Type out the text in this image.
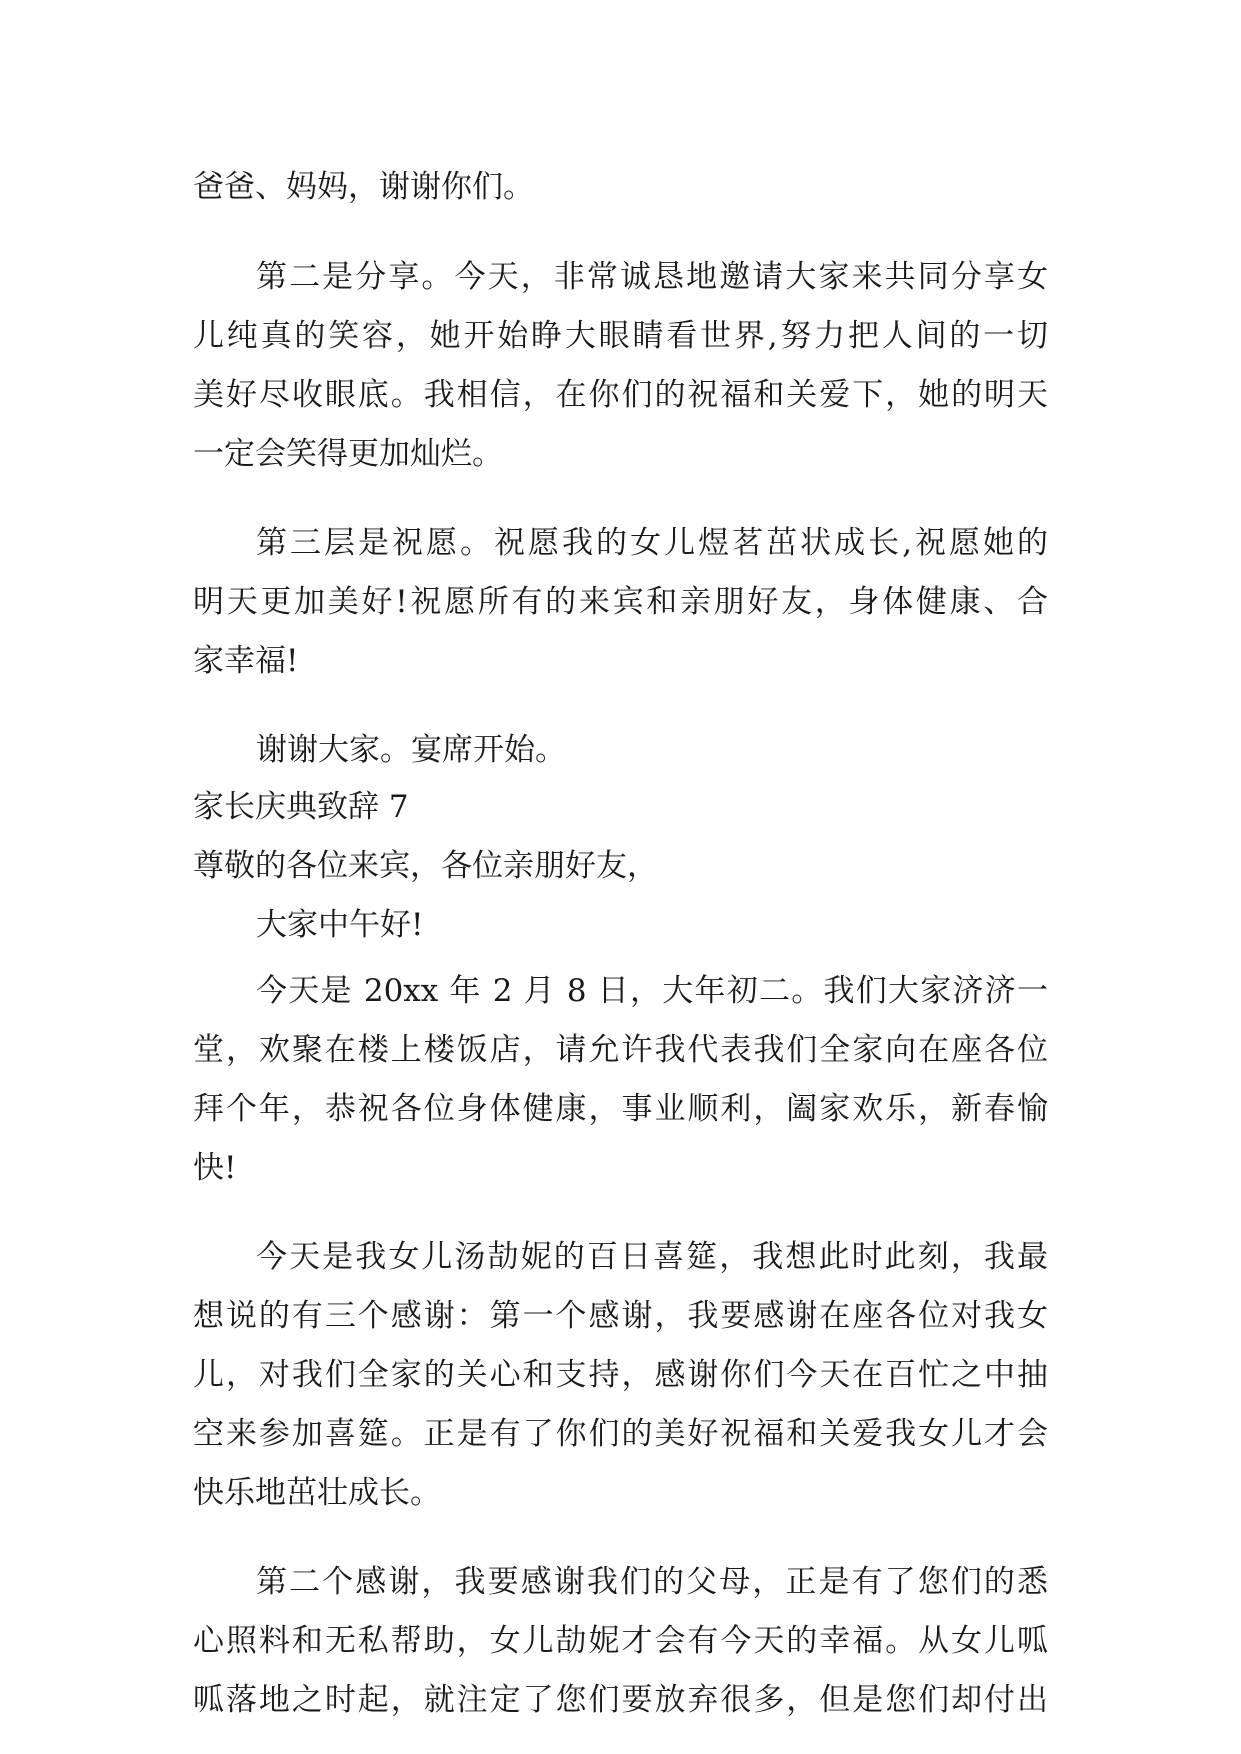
爸爸、妈妈，谢谢你们。

第二是分享。今天，非常诚恳地邀请大家来共同分享女

儿纯真的笑容，她开始睁大眼睛看世界,努力把人间的一切

美好尽收眼底。我相信，在你们的祝福和关爱下，她的明天

一定会笑得更加灿烂。

第三层是祝愿。祝愿我的女儿煜茗茁状成长,祝愿她的

明天更加美好!祝愿所有的来宾和亲朋好友，身体健康、合

家幸福!

谢谢大家。宴席开始。

家长庆典致辞 7

尊敬的各位来宾，各位亲朋好友，

大家中午好!

今天是 20xx 年 2 月 8 日，大年初二。我们大家济济一

堂，欢聚在楼上楼饭店，请允许我代表我们全家向在座各位

拜个年，恭祝各位身体健康，事业顺利，阖家欢乐，新春愉

快!

今天是我女儿汤劼妮的百日喜筵，我想此时此刻，我最

想说的有三个感谢：第一个感谢，我要感谢在座各位对我女

儿，对我们全家的关心和支持，感谢你们今天在百忙之中抽

空来参加喜筵。正是有了你们的美好祝福和关爱我女儿才会

快乐地茁壮成长。

第二个感谢，我要感谢我们的父母，正是有了您们的悉

心照料和无私帮助，女儿劼妮才会有今天的幸福。从女儿呱

呱落地之时起，就注定了您们要放弃很多，但是您们却付出
